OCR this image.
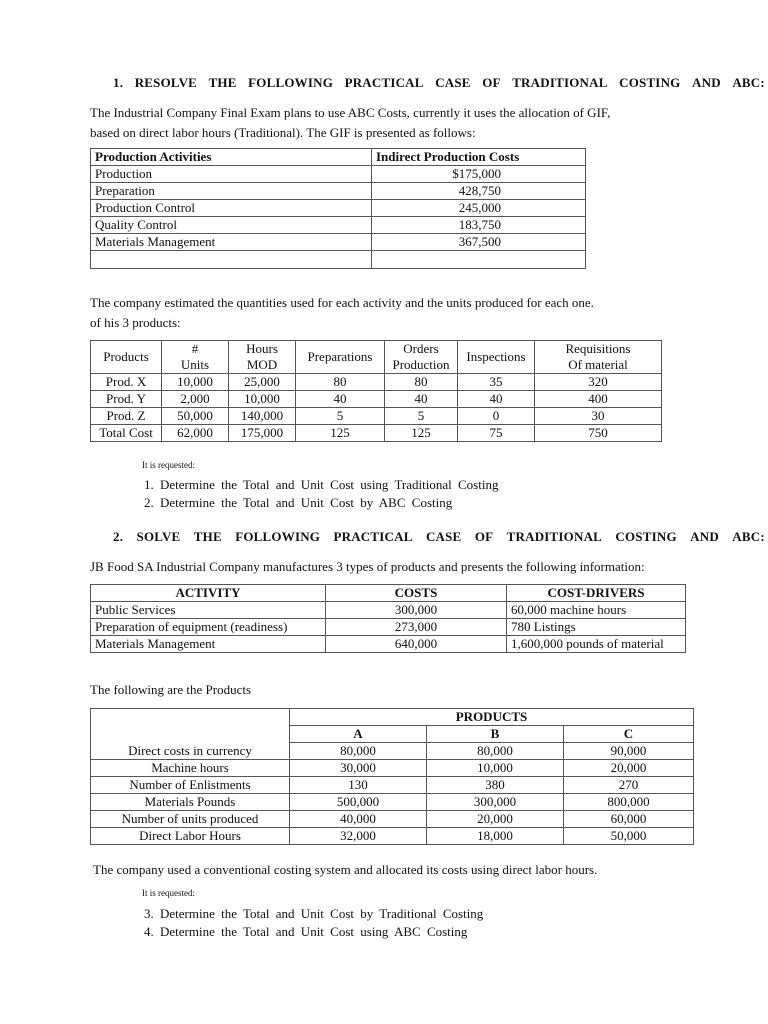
1. RESOLVE THE FOLLOWING PRACTICAL CASE OF TRADITIONAL COSTING AND ABC:
The Industrial Company Final Exam plans to use ABC Costs, currently it uses the allocation of GIF,
based on direct labor hours (Traditional). The GIF is presented as follows:
Production Activities	Indirect Production Costs
Production	$175,000
Preparation	428,750
Production Control	245,000
Quality Control	183,750
Materials Management	367,500

The company estimated the quantities used for each activity and the units produced for each one.
of his 3 products:
Products	#	Hours	Preparations	Orders	Inspections	Requisitions
	Units	MOD		Production		Of material
Prod. X	10,000	25,000	80	80	35	320
Prod. Y	2,000	10,000	40	40	40	400
Prod. Z	50,000	140,000	5	5	0	30
Total Cost	62,000	175,000	125	125	75	750
It is requested:
1. Determine the Total and Unit Cost using Traditional Costing
2. Determine the Total and Unit Cost by ABC Costing
2. SOLVE THE FOLLOWING PRACTICAL CASE OF TRADITIONAL COSTING AND ABC:
JB Food SA Industrial Company manufactures 3 types of products and presents the following information:
ACTIVITY	COSTS	COST-DRIVERS
Public Services	300,000	60,000 machine hours
Preparation of equipment (readiness)	273,000	780 Listings
Materials Management	640,000	1,600,000 pounds of material
The following are the Products
	PRODUCTS		
	A	B	C
Direct costs in currency	80,000	80,000	90,000
Machine hours	30,000	10,000	20,000
Number of Enlistments	130	380	270
Materials Pounds	500,000	300,000	800,000
Number of units produced	40,000	20,000	60,000
Direct Labor Hours	32,000	18,000	50,000
The company used a conventional costing system and allocated its costs using direct labor hours.
It is requested:
3. Determine the Total and Unit Cost by Traditional Costing
4. Determine the Total and Unit Cost using ABC Costing
